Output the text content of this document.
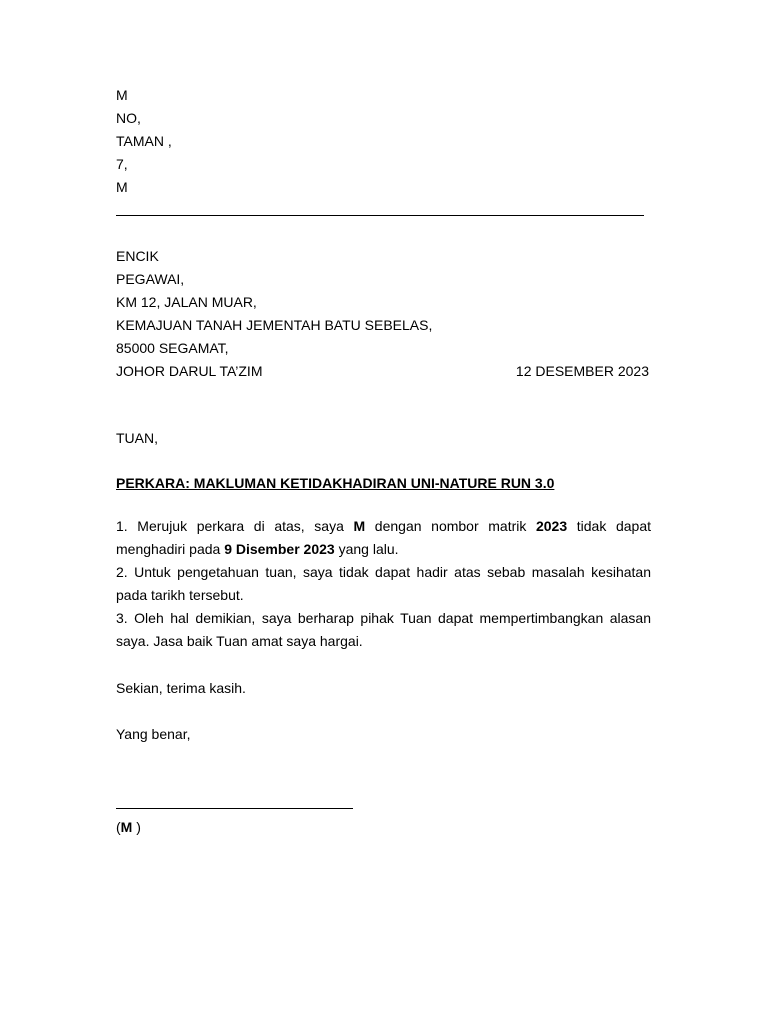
M
NO,
TAMAN ,
7,
M
ENCIK
PEGAWAI,
KM 12, JALAN MUAR,
KEMAJUAN TANAH JEMENTAH BATU SEBELAS,
85000 SEGAMAT,
JOHOR DARUL TA’ZIM	12 DESEMBER 2023
TUAN,
PERKARA: MAKLUMAN KETIDAKHADIRAN UNI-NATURE RUN 3.0
1. Merujuk perkara di atas, saya M dengan nombor matrik 2023 tidak dapat menghadiri pada 9 Disember 2023 yang lalu.
2. Untuk pengetahuan tuan, saya tidak dapat hadir atas sebab masalah kesihatan pada tarikh tersebut.
3. Oleh hal demikian, saya berharap pihak Tuan dapat mempertimbangkan alasan saya. Jasa baik Tuan amat saya hargai.
Sekian, terima kasih.
Yang benar,
(M )
